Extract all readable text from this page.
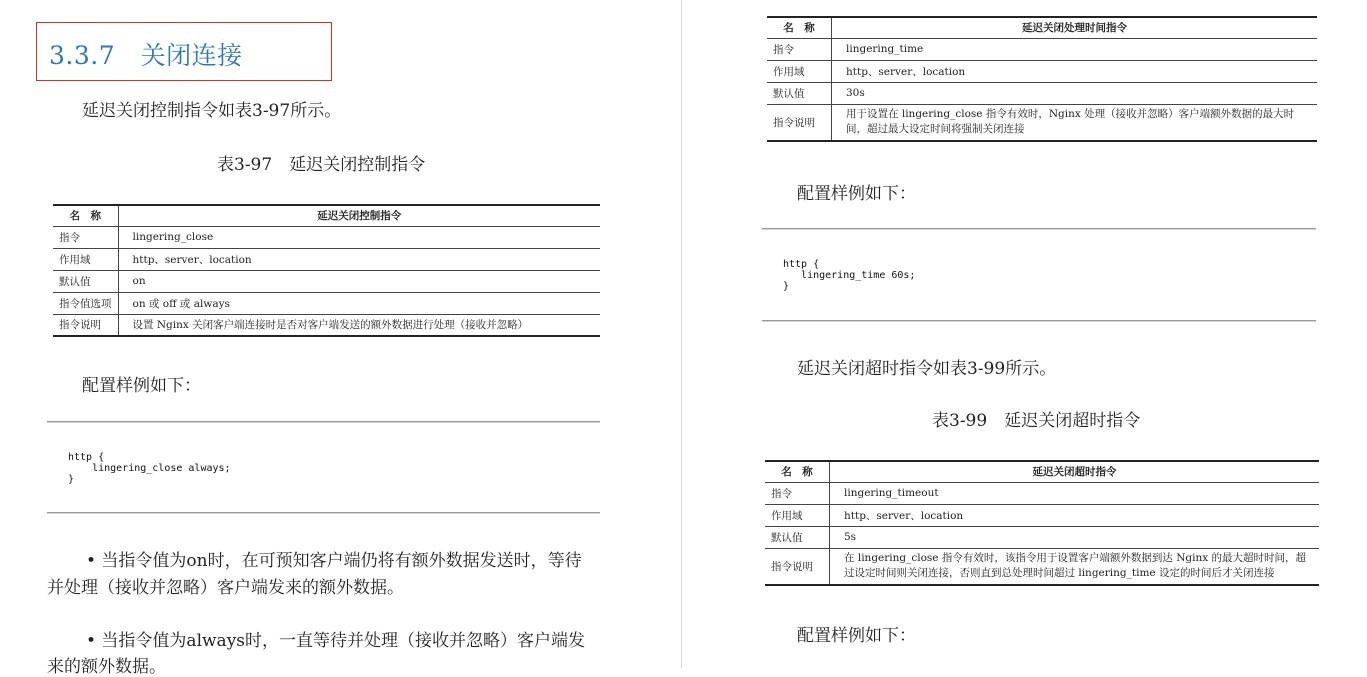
3.3.7　关闭连接
延迟关闭控制指令如表3-97所示。
表3-97　延迟关闭控制指令
名　称	延迟关闭控制指令
指令	lingering_close
作用域	http、server、location
默认值	on
指令值选项	on 或 off 或 always
指令说明	设置 Nginx 关闭客户端连接时是否对客户端发送的额外数据进行处理（接收并忽略）
配置样例如下：
http {
lingering_close always;
}
• 当指令值为on时，在可预知客户端仍将有额外数据发送时，等待
并处理（接收并忽略）客户端发来的额外数据。
• 当指令值为always时，一直等待并处理（接收并忽略）客户端发
来的额外数据。
名　称	延迟关闭处理时间指令
指令	lingering_time
作用域	http、server、location
默认值	30s
指令说明	用于设置在 lingering_close 指令有效时，Nginx 处理（接收并忽略）客户端额外数据的最大时间，超过最大设定时间将强制关闭连接
配置样例如下：
http {
lingering_time 60s;
}
延迟关闭超时指令如表3-99所示。
表3-99　延迟关闭超时指令
名　称	延迟关闭超时指令
指令	lingering_timeout
作用域	http、server、location
默认值	5s
指令说明	在 lingering_close 指令有效时，该指令用于设置客户端额外数据到达 Nginx 的最大超时时间，超过设定时间则关闭连接，否则直到总处理时间超过 lingering_time 设定的时间后才关闭连接
配置样例如下：
